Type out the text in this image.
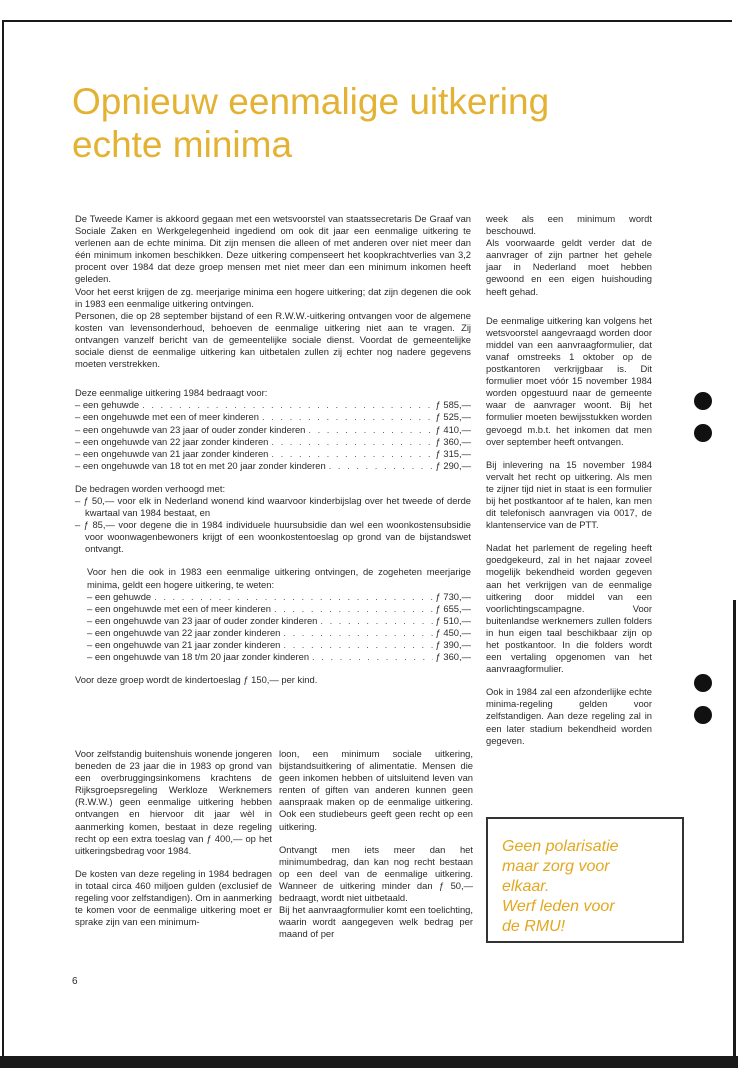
Opnieuw eenmalige uitkering echte minima

De Tweede Kamer is akkoord gegaan met een wetsvoorstel van staatssecretaris De Graaf van Sociale Zaken en Werkgelegenheid ingediend om ook dit jaar een eenmalige uitkering te verlenen aan de echte minima. Dit zijn mensen die alleen of met anderen over niet meer dan één minimum inkomen beschikken. Deze uitkering compenseert het koopkrachtverlies van 3,2 procent over 1984 dat deze groep mensen met niet meer dan een minimum inkomen heeft geleden.

Voor het eerst krijgen de zg. meerjarige minima een hogere uitkering; dat zijn degenen die ook in 1983 een eenmalige uitkering ontvingen.

Personen, die op 28 september bijstand of een R.W.W.-uitkering ontvangen voor de algemene kosten van levensonderhoud, behoeven de eenmalige uitkering niet aan te vragen. Zij ontvangen vanzelf bericht van de gemeentelijke sociale dienst. Voordat de gemeentelijke sociale dienst de eenmalige uitkering kan uitbetalen zullen zij echter nog nadere gegevens moeten verstrekken.

Deze eenmalige uitkering 1984 bedraagt voor:

– een gehuwde . . .	ƒ 585,—
– een ongehuwde met een of meer kinderen . . .	ƒ 525,—
– een ongehuwde van 23 jaar of ouder zonder kinderen . . .	ƒ 410,—
– een ongehuwde van 22 jaar zonder kinderen . . .	ƒ 360,—
– een ongehuwde van 21 jaar zonder kinderen . . .	ƒ 315,—
– een ongehuwde van 18 tot en met 20 jaar zonder kinderen . . .	ƒ 290,—

De bedragen worden verhoogd met:

– ƒ 50,— voor elk in Nederland wonend kind waarvoor kinderbijslag over het tweede of derde kwartaal van 1984 bestaat, en

– ƒ 85,— voor degene die in 1984 individuele huursubsidie dan wel een woonkostensubsidie voor woonwagenbewoners krijgt of een woonkostentoeslag op grond van de bijstandswet ontvangt.

Voor hen die ook in 1983 een eenmalige uitkering ontvingen, de zogeheten meerjarige minima, geldt een hogere uitkering, te weten:

– een gehuwde . . .	ƒ 730,—
– een ongehuwde met een of meer kinderen . . .	ƒ 655,—
– een ongehuwde van 23 jaar of ouder zonder kinderen . . .	ƒ 510,—
– een ongehuwde van 22 jaar zonder kinderen . . .	ƒ 450,—
– een ongehuwde van 21 jaar zonder kinderen . . .	ƒ 390,—
– een ongehuwde van 18 t/m 20 jaar zonder kinderen . . .	ƒ 360,—

Voor deze groep wordt de kindertoeslag ƒ 150,— per kind.

week als een minimum wordt beschouwd.

Als voorwaarde geldt verder dat de aanvrager of zijn partner het gehele jaar in Nederland moet hebben gewoond en een eigen huishouding heeft gehad.

De eenmalige uitkering kan volgens het wetsvoorstel aangevraagd worden door middel van een aanvraagformulier, dat vanaf omstreeks 1 oktober op de postkantoren verkrijgbaar is. Dit formulier moet vóór 15 november 1984 worden opgestuurd naar de gemeente waar de aanvrager woont. Bij het formulier moeten bewijsstukken worden gevoegd m.b.t. het inkomen dat men over september heeft ontvangen.

Bij inlevering na 15 november 1984 vervalt het recht op uitkering. Als men te zijner tijd niet in staat is een formulier bij het postkantoor af te halen, kan men dit telefonisch aanvragen via 0017, de klantenservice van de PTT.

Nadat het parlement de regeling heeft goedgekeurd, zal in het najaar zoveel mogelijk bekendheid worden gegeven aan het verkrijgen van de eenmalige uitkering door middel van een voorlichtingscampagne. Voor buitenlandse werknemers zullen folders in hun eigen taal beschikbaar zijn op het postkantoor. In die folders wordt een vertaling opgenomen van het aanvraagformulier.

Ook in 1984 zal een afzonderlijke echte minima-regeling gelden voor zelfstandigen. Aan deze regeling zal in een later stadium bekendheid worden gegeven.

Voor zelfstandig buitenshuis wonende jongeren beneden de 23 jaar die in 1983 op grond van een overbruggingsinkomens krachtens de Rijksgroepsregeling Werkloze Werknemers (R.W.W.) geen eenmalige uitkering hebben ontvangen en hiervoor dit jaar wèl in aanmerking komen, bestaat in deze regeling recht op een extra toeslag van ƒ 400,— op het uitkeringsbedrag voor 1984.

De kosten van deze regeling in 1984 bedragen in totaal circa 460 miljoen gulden (exclusief de regeling voor zelfstandigen). Om in aanmerking te komen voor de eenmalige uitkering moet er sprake zijn van een minimum-

loon, een minimum sociale uitkering, bijstandsuitkering of alimentatie. Mensen die geen inkomen hebben of uitsluitend leven van renten of giften van anderen kunnen geen aanspraak maken op de eenmalige uitkering. Ook een studiebeurs geeft geen recht op een uitkering.

Ontvangt men iets meer dan het minimumbedrag, dan kan nog recht bestaan op een deel van de eenmalige uitkering. Wanneer de uitkering minder dan ƒ 50,— bedraagt, wordt niet uitbetaald.

Bij het aanvraagformulier komt een toelichting, waarin wordt aangegeven welk bedrag per maand of per

Geen polarisatie

maar zorg voor

elkaar.

Werf leden voor

de RMU!

6
